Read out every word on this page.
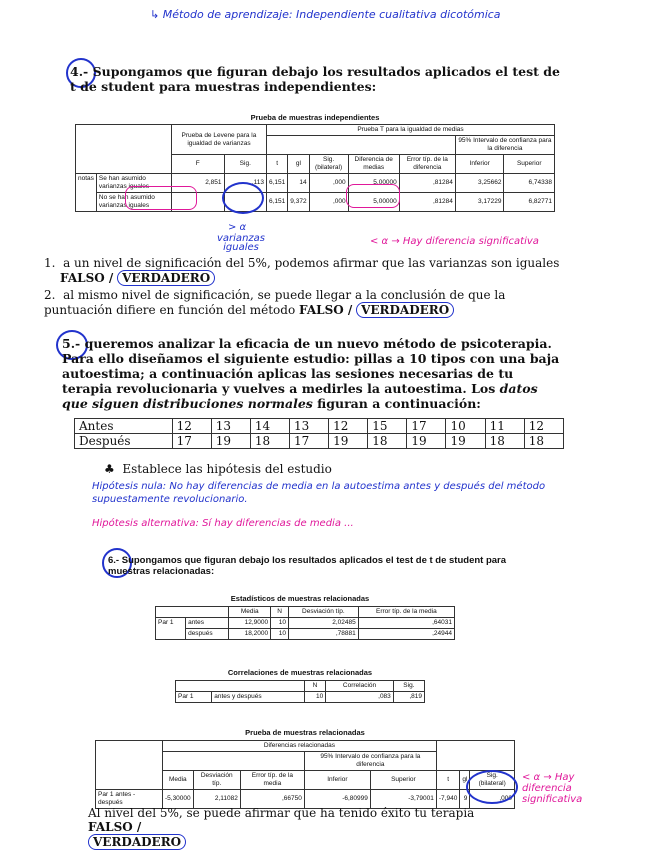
↳ Método de aprendizaje: Independiente cualitativa dicotómica
4.- Supongamos que figuran debajo los resultados aplicados el test de t de student para muestras independientes:
Prueba de muestras independientes
		Prueba de Levene para la igualdad de varianzas		Prueba T para la igualdad de medias						
									95% Intervalo de confianza para la diferencia	
		F	Sig.	t	gl	Sig. (bilateral)	Diferencia de medias	Error típ. de la diferencia	Inferior	Superior
notas	Se han asumido varianzas iguales	2,851	,113	6,151	14	,000	5,00000	,81284	3,25662	6,74338
	No se han asumido varianzas iguales			6,151	9,372	,000	5,00000	,81284	3,17229	6,82771
> α
varianzas iguales
< α → Hay diferencia significativa
1.  a un nivel de significación del 5%, podemos afirmar que las varianzas son iguales
FALSO / VERDADERO
2.  al mismo nivel de significación, se puede llegar a la conclusión de que la puntuación difiere en función del método FALSO / VERDADERO
5.- queremos analizar la eficacia de un nuevo método de psicoterapia. Para ello diseñamos el siguiente estudio: pillas a 10 tipos con una baja autoestima; a continuación aplicas las sesiones necesarias de tu terapia revolucionaria y vuelves a medirles la autoestima. Los datos que siguen distribuciones normales figuran a continuación:
Antes	12	13	14	13	12	15	17	10	11	12
Después	17	19	18	17	19	18	19	19	18	18
♣  Establece las hipótesis del estudio
Hipótesis nula: No hay diferencias de media en la autoestima antes y después del método supuestamente revolucionario.
Hipótesis alternativa: Sí hay diferencias de media ...
6.- Supongamos que figuran debajo los resultados aplicados el test de t de student para muestras relacionadas:
Estadísticos de muestras relacionadas
		Media	N	Desviación típ.	Error típ. de la media
Par 1	antes	12,9000	10	2,02485	,64031
	después	18,2000	10	,78881	,24944
Correlaciones de muestras relacionadas
		N	Correlación	Sig.
Par 1	antes y después	10	,083	,819
Prueba de muestras relacionadas
	Diferencias relacionadas							
				95% Intervalo de confianza para la diferencia				
	Media	Desviación típ.	Error típ. de la media	Inferior	Superior	t	gl	Sig. (bilateral)
Par 1 antes - después	-5,30000	2,11082	,66750	-6,80999	-3,79001	-7,940	9	,000
< α → Hay diferencia significativa
Al nivel del 5%, se puede afirmar que ha tenido éxito tu terapia FALSO /
VERDADERO
